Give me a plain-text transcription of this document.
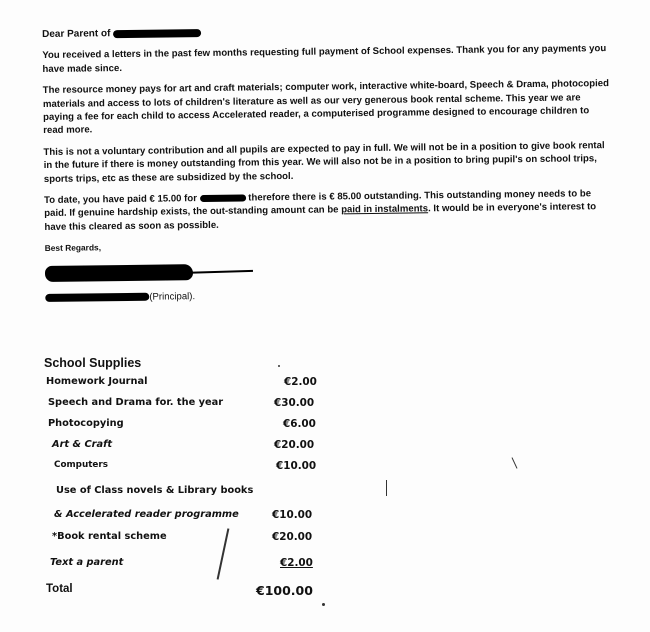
Dear Parent of

You received a letters in the past few months requesting full payment of School expenses. Thank you for any payments you have made since.

The resource money pays for art and craft materials; computer work, interactive white-board, Speech & Drama, photocopied materials and access to lots of children's literature as well as our very generous book rental scheme. This year we are paying a fee for each child to access Accelerated reader, a computerised programme designed to encourage children to read more.

This is not a voluntary contribution and all pupils are expected to pay in full. We will not be in a position to give book rental in the future if there is money outstanding from this year. We will also not be in a position to bring pupil's on school trips, sports trips, etc as these are subsidized by the school.

To date, you have paid € 15.00 for	therefore there is € 85.00 outstanding. This outstanding money needs to be paid. If genuine hardship exists, the out-standing amount can be paid in instalments. It would be in everyone's interest to have this cleared as soon as possible.

Best Regards,
(Principal).
School Supplies
Homework Journal	€2.00
Speech and Drama for. the year	€30.00
Photocopying	€6.00
Art & Craft	€20.00
Computers	€10.00
Use of Class novels & Library books
& Accelerated reader programme	€10.00
*Book rental scheme	€20.00
Text a parent	€2.00
Total	€100.00
